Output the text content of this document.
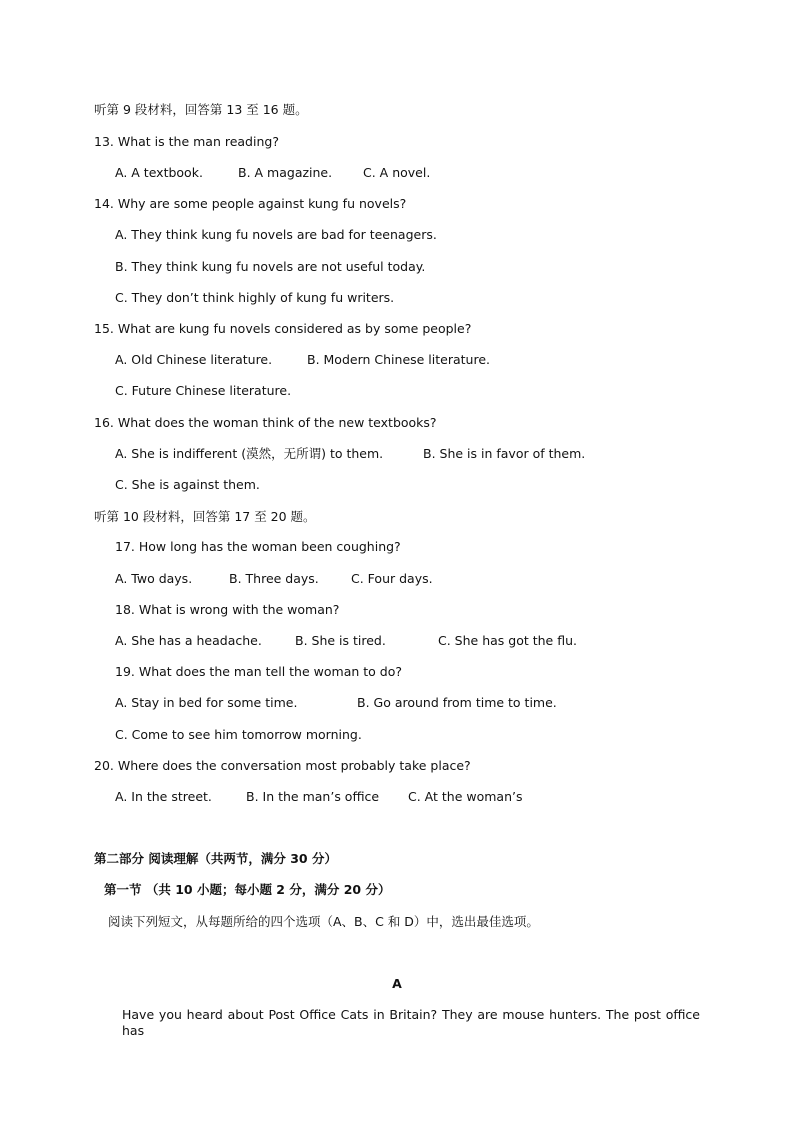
听第 9 段材料，回答第 13 至 16 题。
13. What is the man reading?
A. A textbook.	B. A magazine. C. A novel.
14. Why are some people against kung fu novels?
A. They think kung fu novels are bad for teenagers.
B. They think kung fu novels are not useful today.
C. They don’t think highly of kung fu writers.
15. What are kung fu novels considered as by some people?
A. Old Chinese literature.	B. Modern Chinese literature.
C. Future Chinese literature.
16. What does the woman think of the new textbooks?
A. She is indifferent (漠然，无所谓) to them.	B. She is in favor of them.
C. She is against them.
听第 10 段材料，回答第 17 至 20 题。
17. How long has the woman been coughing?
A. Two days.	B. Three days.	C. Four days.
18. What is wrong with the woman?
A. She has a headache.	B. She is tired.	C. She has got the flu.
19. What does the man tell the woman to do?
A. Stay in bed for some time.	B. Go around from time to time.
C. Come to see him tomorrow morning.
20. Where does the conversation most probably take place?
A. In the street.	B. In the man’s office C. At the woman’s
第二部分 阅读理解（共两节，满分 30 分）
第一节 （共 10 小题；每小题 2 分，满分 20 分）
阅读下列短文，从每题所给的四个选项（A、B、C 和 D）中，选出最佳选项。
A
Have you heard about Post Office Cats in Britain? They are mouse hunters. The post office has
